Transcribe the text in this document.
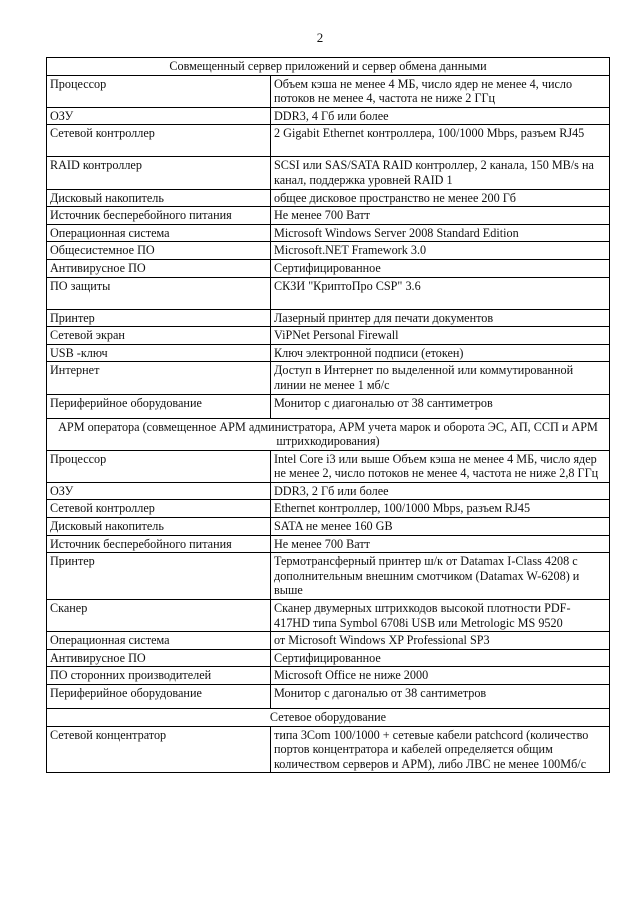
2
Совмещенный сервер приложений и сервер обмена данными	
Процессор	Объем кэша не менее 4 МБ, число ядер не менее 4, число потоков не менее 4, частота не ниже 2 ГГц
ОЗУ	DDR3, 4 Гб или более
Сетевой контроллер	2 Gigabit Ethernet контроллера, 100/1000 Mbps, разъем RJ45
RAID контроллер	SCSI или SAS/SATA RAID контроллер, 2 канала, 150 MB/s на канал, поддержка уровней RAID 1
Дисковый накопитель	общее дисковое пространство не менее 200 Гб
Источник бесперебойного питания	Не менее 700 Ватт
Операционная система	Microsoft Windows Server 2008 Standard Edition
Общесистемное ПО	Microsoft.NET Framework 3.0
Антивирусное ПО	Сертифицированное
ПО защиты	СКЗИ "КриптоПро CSP" 3.6
Принтер	Лазерный принтер для печати документов
Сетевой экран	ViPNet Personal Firewall
USB -ключ	Ключ электронной подписи (етокен)
Интернет	Доступ в Интернет по выделенной или коммутированной линии не менее 1 мб/с
Периферийное оборудование	Монитор с диагональю от 38 сантиметров
АРМ оператора (совмещенное АРМ администратора, АРМ учета марок и оборота ЭС, АП, ССП и АРМ штрихкодирования)	
Процессор	Intel Core i3 или выше Объем кэша не менее 4 МБ, число ядер не менее 2, число потоков не менее 4, частота не ниже 2,8 ГГц
ОЗУ	DDR3, 2 Гб или более
Сетевой контроллер	Ethernet контроллер, 100/1000 Mbps, разъем RJ45
Дисковый накопитель	SATA не менее 160 GB
Источник бесперебойного питания	Не менее 700 Ватт
Принтер	Термотрансферный принтер ш/к от Datamax I-Class 4208 с дополнительным внешним смотчиком (Datamax W-6208) и выше
Сканер	Сканер двумерных штрихкодов высокой плотности PDF-417HD типа Symbol 6708i USB или Metrologic MS 9520
Операционная система	от Microsoft Windows XP Professional SP3
Антивирусное ПО	Сертифицированное
ПО сторонних производителей	Microsoft Office не ниже 2000
Периферийное оборудование	Монитор с дагональю от 38 сантиметров
Сетевое оборудование	
Сетевой концентратор	типа 3Com 100/1000 + сетевые кабели patchcord (количество портов концентратора и кабелей определяется общим количеством серверов и АРМ), либо ЛВС не менее 100Мб/с
